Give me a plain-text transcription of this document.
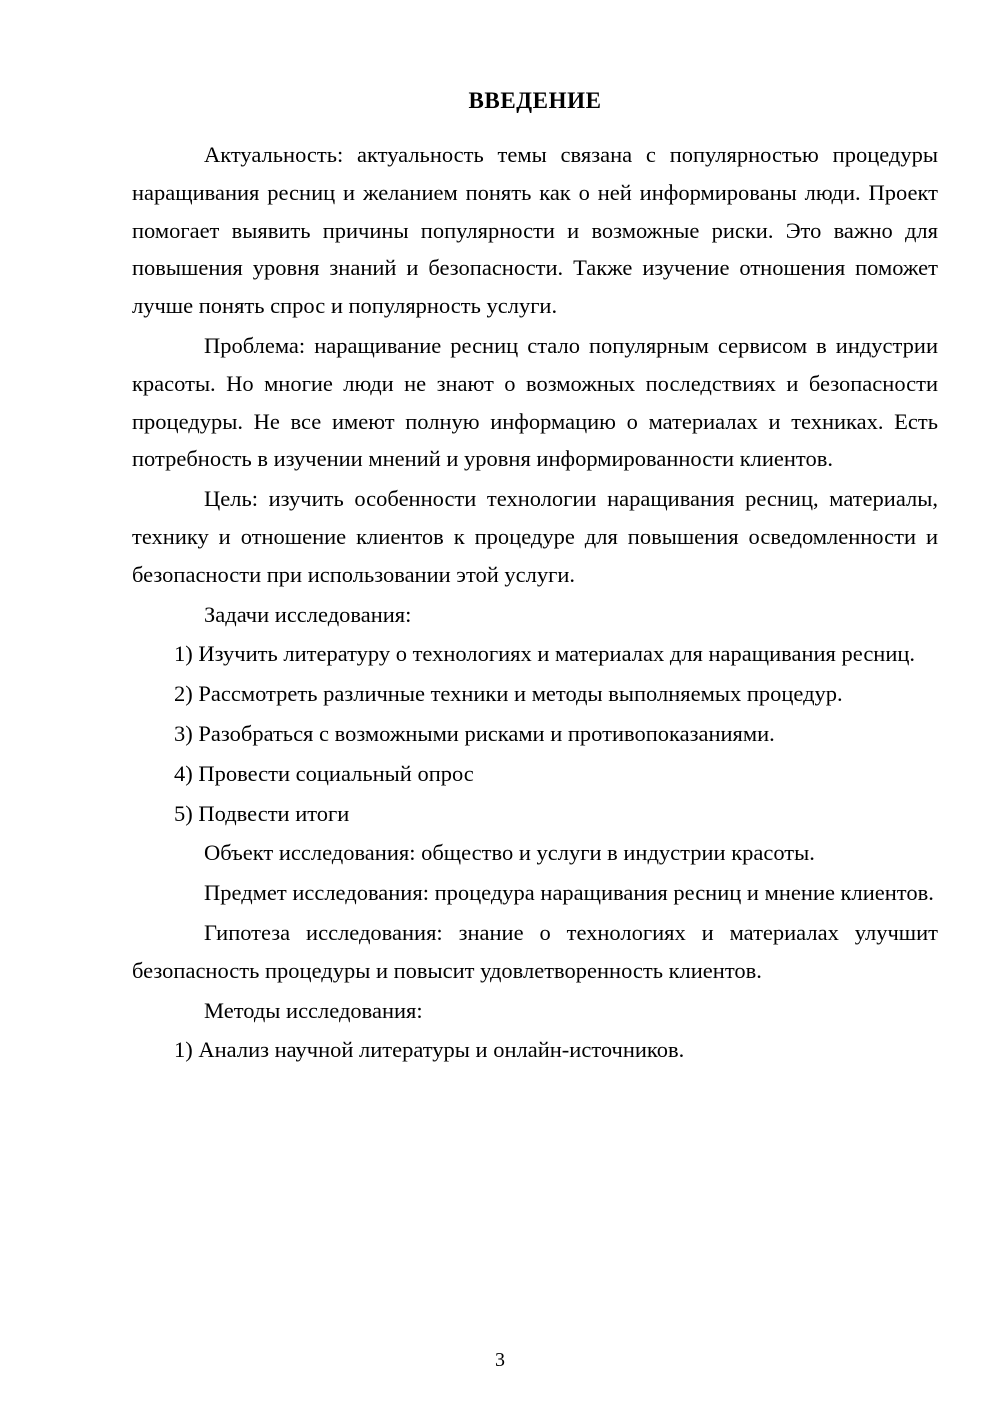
ВВЕДЕНИЕ

Актуальность: актуальность темы связана с популярностью процедуры наращивания ресниц и желанием понять как о ней информированы люди. Проект помогает выявить причины популярности и возможные риски. Это важно для повышения уровня знаний и безопасности. Также изучение отношения поможет лучше понять спрос и популярность услуги.

Проблема: наращивание ресниц стало популярным сервисом в индустрии красоты. Но многие люди не знают о возможных последствиях и безопасности процедуры. Не все имеют полную информацию о материалах и техниках. Есть потребность в изучении мнений и уровня информированности клиентов.

Цель: изучить особенности технологии наращивания ресниц, материалы, технику и отношение клиентов к процедуре для повышения осведомленности и безопасности при использовании этой услуги.

Задачи исследования:

1) Изучить литературу о технологиях и материалах для наращивания ресниц.

2) Рассмотреть различные техники и методы выполняемых процедур.

3) Разобраться с возможными рисками и противопоказаниями.

4) Провести социальный опрос

5) Подвести итоги

Объект исследования: общество и услуги в индустрии красоты.

Предмет исследования: процедура наращивания ресниц и мнение клиентов.

Гипотеза исследования: знание о технологиях и материалах улучшит безопасность процедуры и повысит удовлетворенность клиентов.

Методы исследования:

1) Анализ научной литературы и онлайн-источников.

3
